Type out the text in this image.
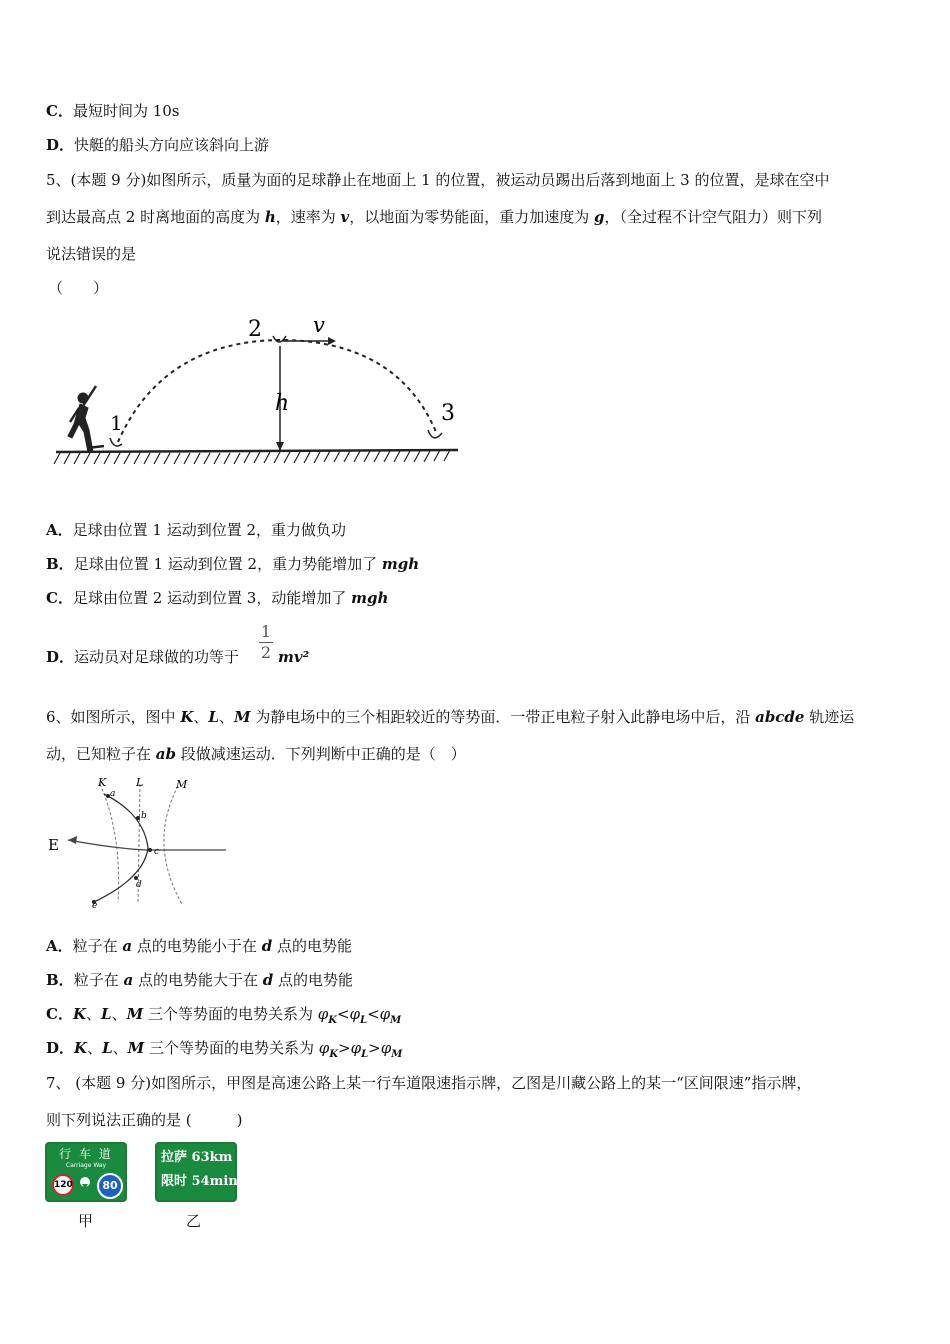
C．最短时间为 10s
D．快艇的船头方向应该斜向上游
5、(本题 9 分)如图所示，质量为面的足球静止在地面上 1 的位置，被运动员踢出后落到地面上 3 的位置，是球在空中
到达最高点 2 时离地面的高度为 h，速率为 v，以地面为零势能面，重力加速度为 g，（全过程不计空气阻力）则下列
说法错误的是
（　　）
1
2
3
v
h
A．足球由位置 1 运动到位置 2，重力做负功
B．足球由位置 1 运动到位置 2，重力势能增加了 mgh
C．足球由位置 2 运动到位置 3，动能增加了 mgh
D．运动员对足球做的功等于 $\frac{1}{2} mv^2$
6、如图所示，图中 K、L、M 为静电场中的三个相距较近的等势面．一带正电粒子射入此静电场中后，沿 abcde 轨迹运
动，已知粒子在 ab 段做减速运动．下列判断中正确的是（　）
K	L	M
E
a
b
c
d
e
A．粒子在 a 点的电势能小于在 d 点的电势能
B．粒子在 a 点的电势能大于在 d 点的电势能
C．K、L、M 三个等势面的电势关系为 $\varphi_K<\varphi_L<\varphi_M$
D．K、L、M 三个等势面的电势关系为 $\varphi_K>\varphi_L>\varphi_M$
7、 (本题 9 分)如图所示，甲图是高速公路上某一行车道限速指示牌，乙图是川藏公路上的某一“区间限速”指示牌，
则下列说法正确的是 (　　　)
行 车 道
Carriage Way
120	80
甲
拉萨 63km
限时 54min
乙
